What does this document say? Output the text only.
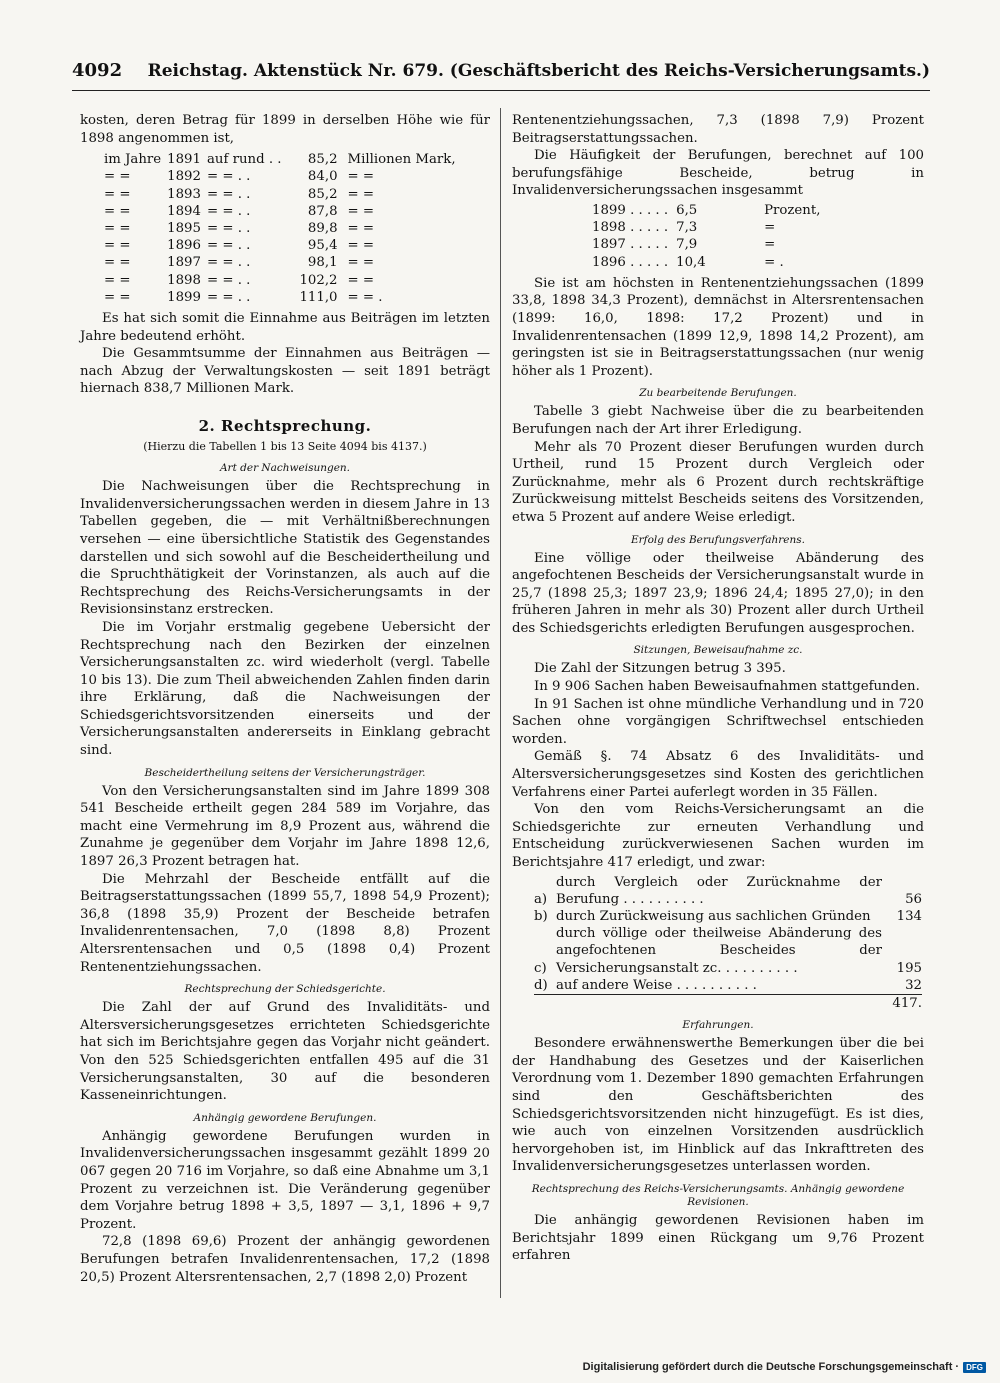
4092 Reichstag. Aktenstück Nr. 679. (Geschäftsbericht des Reichs-Versicherungsamts.)

kosten, deren Betrag für 1899 in derselben Höhe wie für 1898 angenommen ist,

im Jahre	1891	auf rund . .	85,2	Millionen Mark,
= =	1892	= = . .	84,0	= =
= =	1893	= = . .	85,2	= =
= =	1894	= = . .	87,8	= =
= =	1895	= = . .	89,8	= =
= =	1896	= = . .	95,4	= =
= =	1897	= = . .	98,1	= =
= =	1898	= = . .	102,2	= =
= =	1899	= = . .	111,0	= = .

Es hat sich somit die Einnahme aus Beiträgen im letzten Jahre bedeutend erhöht.

Die Gesammtsumme der Einnahmen aus Beiträgen — nach Abzug der Verwaltungskosten — seit 1891 beträgt hiernach 838,7 Millionen Mark.

2. Rechtsprechung.
(Hierzu die Tabellen 1 bis 13 Seite 4094 bis 4137.)
Art der Nachweisungen.

Die Nachweisungen über die Rechtsprechung in Invalidenversicherungssachen werden in diesem Jahre in 13 Tabellen gegeben, die — mit Verhältnißberechnungen versehen — eine übersichtliche Statistik des Gegenstandes darstellen und sich sowohl auf die Bescheidertheilung und die Spruchthätigkeit der Vorinstanzen, als auch auf die Rechtsprechung des Reichs-Versicherungsamts in der Revisionsinstanz erstrecken.

Die im Vorjahr erstmalig gegebene Uebersicht der Rechtsprechung nach den Bezirken der einzelnen Versicherungsanstalten zc. wird wiederholt (vergl. Tabelle 10 bis 13). Die zum Theil abweichenden Zahlen finden darin ihre Erklärung, daß die Nachweisungen der Schiedsgerichtsvorsitzenden einerseits und der Versicherungsanstalten andererseits in Einklang gebracht sind.

Bescheidertheilung seitens der Versicherungsträger.

Von den Versicherungsanstalten sind im Jahre 1899 308 541 Bescheide ertheilt gegen 284 589 im Vorjahre, das macht eine Vermehrung im 8,9 Prozent aus, während die Zunahme je gegenüber dem Vorjahr im Jahre 1898 12,6, 1897 26,3 Prozent betragen hat.

Die Mehrzahl der Bescheide entfällt auf die Beitragserstattungssachen (1899 55,7, 1898 54,9 Prozent); 36,8 (1898 35,9) Prozent der Bescheide betrafen Invalidenrentensachen, 7,0 (1898 8,8) Prozent Altersrentensachen und 0,5 (1898 0,4) Prozent Rentenentziehungssachen.

Rechtsprechung der Schiedsgerichte.

Die Zahl der auf Grund des Invaliditäts- und Altersversicherungsgesetzes errichteten Schiedsgerichte hat sich im Berichtsjahre gegen das Vorjahr nicht geändert. Von den 525 Schiedsgerichten entfallen 495 auf die 31 Versicherungsanstalten, 30 auf die besonderen Kasseneinrichtungen.

Anhängig gewordene Berufungen.

Anhängig gewordene Berufungen wurden in Invalidenversicherungssachen insgesammt gezählt 1899 20 067 gegen 20 716 im Vorjahre, so daß eine Abnahme um 3,1 Prozent zu verzeichnen ist. Die Veränderung gegenüber dem Vorjahre betrug 1898 + 3,5, 1897 — 3,1, 1896 + 9,7 Prozent.

72,8 (1898 69,6) Prozent der anhängig gewordenen Berufungen betrafen Invalidenrentensachen, 17,2 (1898 20,5) Prozent Altersrentensachen, 2,7 (1898 2,0) Prozent

Rentenentziehungssachen, 7,3 (1898 7,9) Prozent Beitragserstattungssachen.

Die Häufigkeit der Berufungen, berechnet auf 100 berufungsfähige Bescheide, betrug in Invalidenversicherungssachen insgesammt

1899 . . . . .	6,5	Prozent,
1898 . . . . .	7,3	=
1897 . . . . .	7,9	=
1896 . . . . .	10,4	= .

Sie ist am höchsten in Rentenentziehungssachen (1899 33,8, 1898 34,3 Prozent), demnächst in Altersrentensachen (1899: 16,0, 1898: 17,2 Prozent) und in Invalidenrentensachen (1899 12,9, 1898 14,2 Prozent), am geringsten ist sie in Beitragserstattungssachen (nur wenig höher als 1 Prozent).

Zu bearbeitende Berufungen.

Tabelle 3 giebt Nachweise über die zu bearbeitenden Berufungen nach der Art ihrer Erledigung.

Mehr als 70 Prozent dieser Berufungen wurden durch Urtheil, rund 15 Prozent durch Vergleich oder Zurücknahme, mehr als 6 Prozent durch rechtskräftige Zurückweisung mittelst Bescheids seitens des Vorsitzenden, etwa 5 Prozent auf andere Weise erledigt.

Erfolg des Berufungsverfahrens.

Eine völlige oder theilweise Abänderung des angefochtenen Bescheids der Versicherungsanstalt wurde in 25,7 (1898 25,3; 1897 23,9; 1896 24,4; 1895 27,0); in den früheren Jahren in mehr als 30) Prozent aller durch Urtheil des Schiedsgerichts erledigten Berufungen ausgesprochen.

Sitzungen, Beweisaufnahme zc.

Die Zahl der Sitzungen betrug 3 395.

In 9 906 Sachen haben Beweisaufnahmen stattgefunden.

In 91 Sachen ist ohne mündliche Verhandlung und in 720 Sachen ohne vorgängigen Schriftwechsel entschieden worden.

Gemäß §. 74 Absatz 6 des Invaliditäts- und Altersversicherungsgesetzes sind Kosten des gerichtlichen Verfahrens einer Partei auferlegt worden in 35 Fällen.

Von den vom Reichs-Versicherungsamt an die Schiedsgerichte zur erneuten Verhandlung und Entscheidung zurückverwiesenen Sachen wurden im Berichtsjahre 417 erledigt, und zwar:

a)	durch Vergleich oder Zurücknahme der Berufung . . . . . . . . . .	56
b)	durch Zurückweisung aus sachlichen Gründen	134
c)	durch völlige oder theilweise Abänderung des angefochtenen Bescheides der Versicherungsanstalt zc. . . . . . . . . .	195
d)	auf andere Weise . . . . . . . . . .	32
417.		
Erfahrungen.

Besondere erwähnenswerthe Bemerkungen über die bei der Handhabung des Gesetzes und der Kaiserlichen Verordnung vom 1. Dezember 1890 gemachten Erfahrungen sind den Geschäftsberichten des Schiedsgerichtsvorsitzenden nicht hinzugefügt. Es ist dies, wie auch von einzelnen Vorsitzenden ausdrücklich hervorgehoben ist, im Hinblick auf das Inkrafttreten des Invalidenversicherungsgesetzes unterlassen worden.

Rechtsprechung des Reichs-Versicherungsamts. Anhängig gewordene Revisionen.

Die anhängig gewordenen Revisionen haben im Berichtsjahr 1899 einen Rückgang um 9,76 Prozent erfahren

Digitalisierung gefördert durch die Deutsche Forschungsgemeinschaft · DFG
